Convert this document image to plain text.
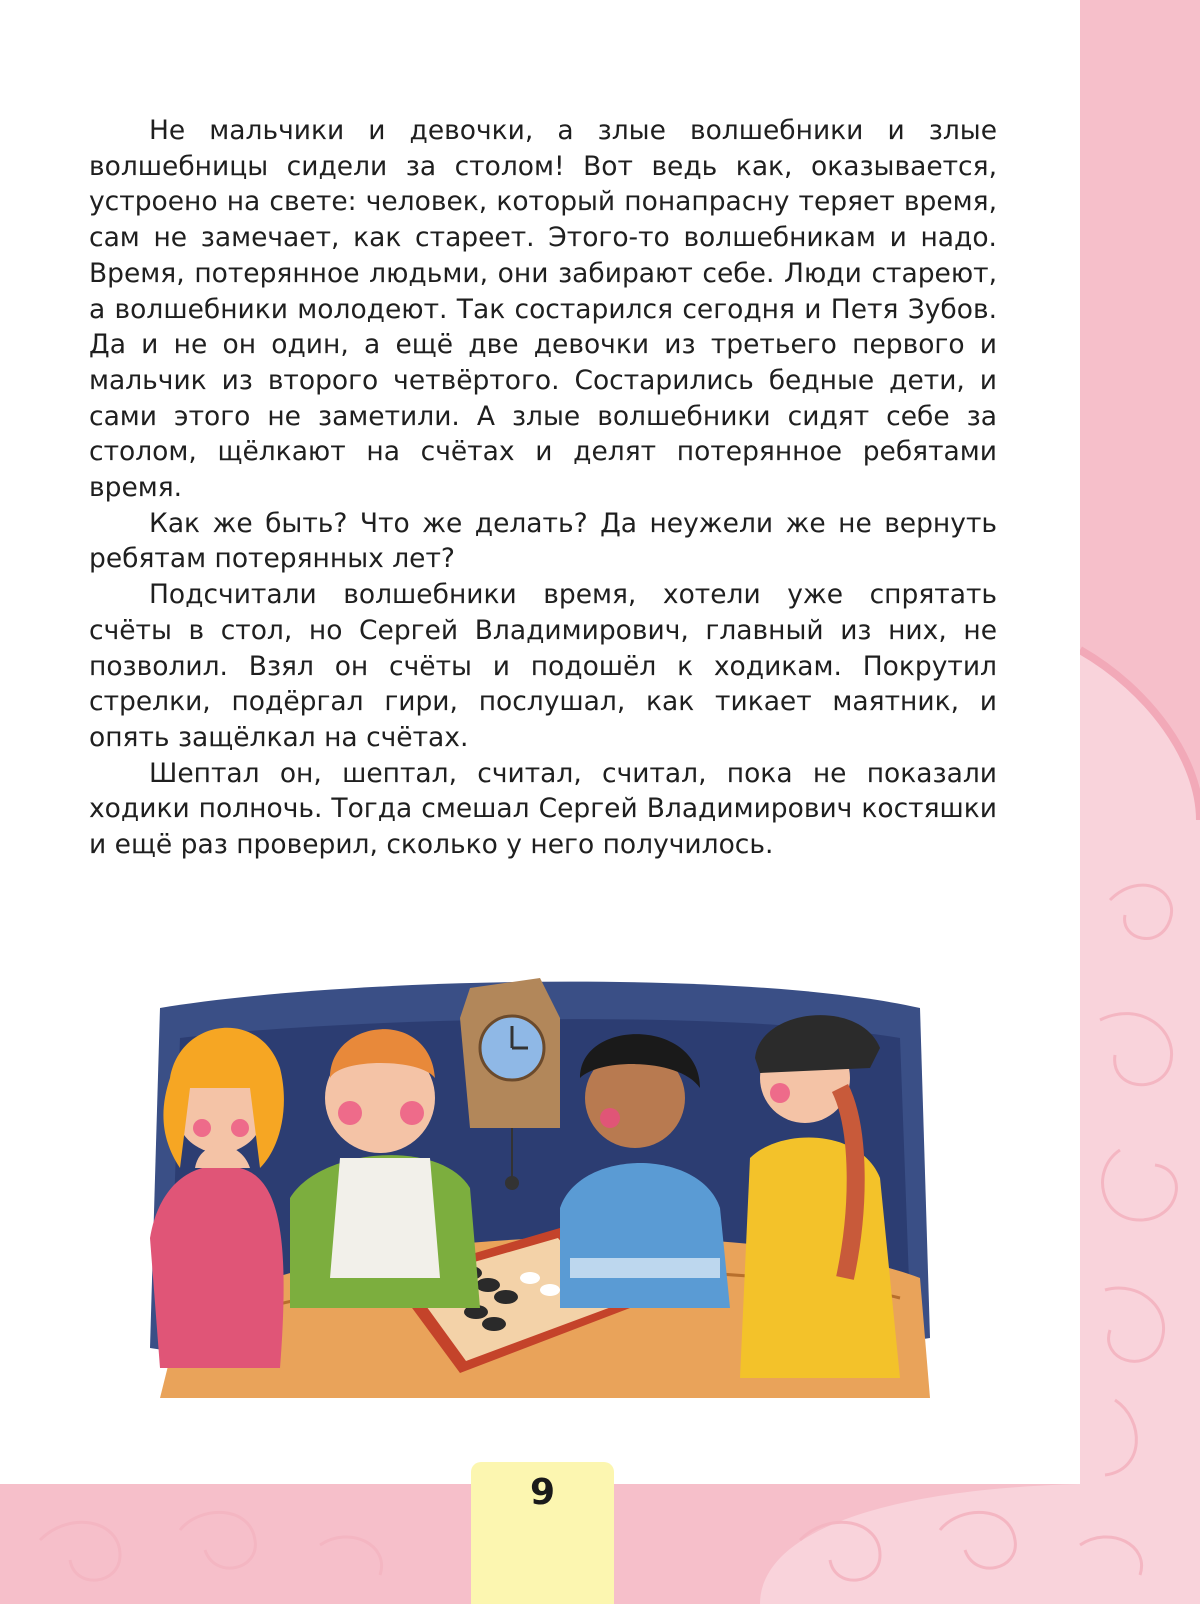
Не мальчики и девочки, а злые волшебники и злые волшебницы сидели за столом! Вот ведь как, оказывается, устроено на свете: человек, который понапрасну теряет время, сам не замечает, как стареет. Этого-то волшебникам и надо. Время, потерянное людьми, они забирают себе. Люди стареют, а волшебники молодеют. Так состарился сегодня и Петя Зубов. Да и не он один, а ещё две девочки из третьего первого и мальчик из второго четвёртого. Состарились бедные дети, и сами этого не заметили. А злые волшебники сидят себе за столом, щёлкают на счётах и делят потерянное ребятами время.

Как же быть? Что же делать? Да неужели же не вернуть ребятам потерянных лет?

Подсчитали волшебники время, хотели уже спрятать счёты в стол, но Сергей Владимирович, главный из них, не позволил. Взял он счёты и подошёл к ходикам. Покрутил стрелки, подёргал гири, послушал, как тикает маятник, и опять защёлкал на счётах.

Шептал он, шептал, считал, считал, пока не показали ходики полночь. Тогда смешал Сергей Владимирович костяшки и ещё раз проверил, сколько у него получилось.

9
